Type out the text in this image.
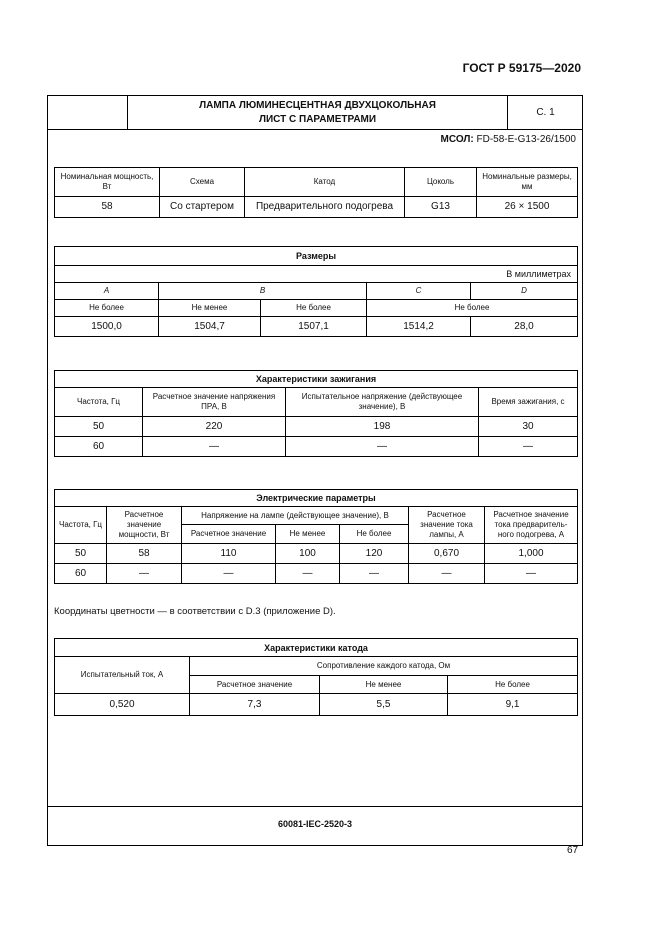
ГОСТ Р 59175—2020
ЛАМПА ЛЮМИНЕСЦЕНТНАЯ ДВУХЦОКОЛЬНАЯ
ЛИСТ С ПАРАМЕТРАМИ
С. 1
МСОЛ: FD-58-E-G13-26/1500
Номинальная мощность, Вт	Схема	Катод	Цоколь	Номинальные размеры, мм
58	Со стартером	Предварительного подогрева	G13	26 × 1500
Размеры				
В миллиметрах				
A	B		C	D
Не более	Не менее	Не более	Не более	
1500,0	1504,7	1507,1	1514,2	28,0
Характеристики зажигания			
Частота, Гц	Расчетное значение напряжения ПРА, В	Испытательное напряжение (действующее значение), В	Время зажигания, с
50	220	198	30
60	—	—	—
Электрические параметры						
Частота, Гц	Расчетное значение мощности, Вт	Напряжение на лампе (действующее значение), В			Расчетное значение тока лампы, А	Расчетное значение тока предваритель- ного подогрева, А
		Расчетное значение	Не менее	Не более		
50	58	110	100	120	0,670	1,000
60	—	—	—	—	—	—
Координаты цветности — в соответствии с D.3 (приложение D).
Характеристики катода			
Испытательный ток, А	Сопротивление каждого катода, Ом		
	Расчетное значение	Не менее	Не более
0,520	7,3	5,5	9,1
60081-IEC-2520-3
67
